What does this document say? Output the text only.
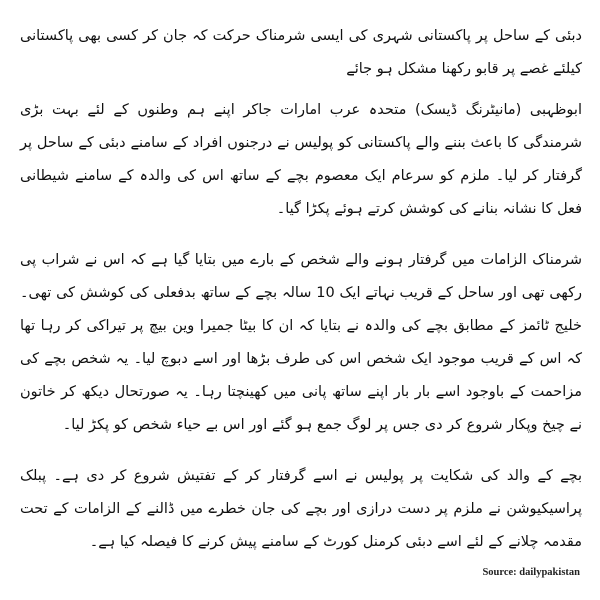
دبئی کے ساحل پر پاکستانی شہری کی ایسی شرمناک حرکت کہ جان کر کسی بھی پاکستانی کیلئے غصے پر قابو رکھنا مشکل ہو جائے

ابوظہبی (مانیٹرنگ ڈیسک) متحدہ عرب امارات جاکر اپنے ہم وطنوں کے لئے بہت بڑی شرمندگی کا باعث بننے والے پاکستانی کو پولیس نے درجنوں افراد کے سامنے دبئی کے ساحل پر گرفتار کر لیا۔ ملزم کو سرعام ایک معصوم بچے کے ساتھ اس کی والدہ کے سامنے شیطانی فعل کا نشانہ بنانے کی کوشش کرتے ہوئے پکڑا گیا۔

شرمناک الزامات میں گرفتار ہونے والے شخص کے بارے میں بتایا گیا ہے کہ اس نے شراب پی رکھی تھی اور ساحل کے قریب نہاتے ایک 10 سالہ بچے کے ساتھ بدفعلی کی کوشش کی تھی۔ خلیج ٹائمز کے مطابق بچے کی والدہ نے بتایا کہ ان کا بیٹا جمیرا وین بیچ پر تیراکی کر رہا تھا کہ اس کے قریب موجود ایک شخص اس کی طرف بڑھا اور اسے دبوچ لیا۔ یہ شخص بچے کی مزاحمت کے باوجود اسے بار بار اپنے ساتھ پانی میں کھینچتا رہا۔ یہ صورتحال دیکھ کر خاتون نے چیخ وپکار شروع کر دی جس پر لوگ جمع ہو گئے اور اس بے حیاء شخص کو پکڑ لیا۔

بچے کے والد کی شکایت پر پولیس نے اسے گرفتار کر کے تفتیش شروع کر دی ہے۔ پبلک پراسیکیوشن نے ملزم پر دست درازی اور بچے کی جان خطرے میں ڈالنے کے الزامات کے تحت مقدمہ چلانے کے لئے اسے دبئی کرمنل کورٹ کے سامنے پیش کرنے کا فیصلہ کیا ہے۔

Source: dailypakistan
